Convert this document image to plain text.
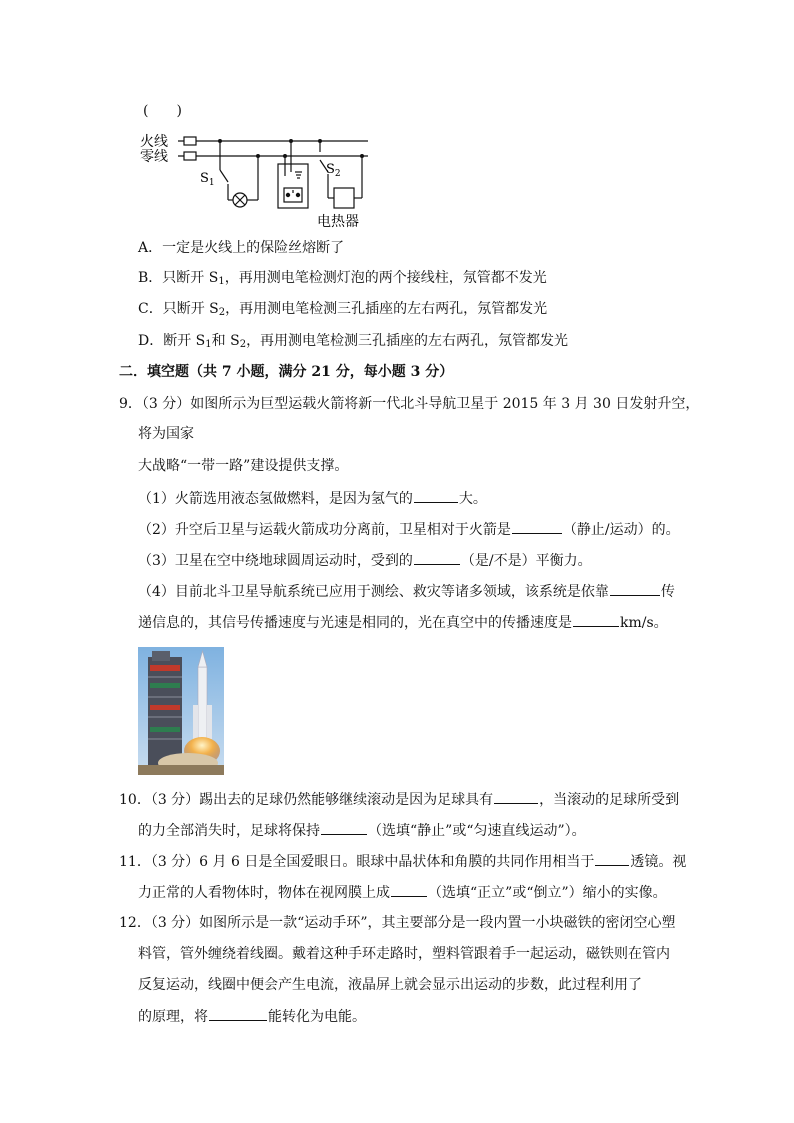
(　　)
火线
零线
$S_1$
$S_2$
电热器
A．一定是火线上的保险丝熔断了
B．只断开 $S_1$，再用测电笔检测灯泡的两个接线柱，氖管都不发光
C．只断开 $S_2$，再用测电笔检测三孔插座的左右两孔，氖管都发光
D．断开 $S_1$和 $S_2$，再用测电笔检测三孔插座的左右两孔，氖管都发光
二．填空题（共 7 小题，满分 21 分，每小题 3 分）
9．（3 分）如图所示为巨型运载火箭将新一代北斗导航卫星于 2015 年 3 月 30 日发射升空，
将为国家
大战略“一带一路”建设提供支撑。
（1）火箭选用液态氢做燃料，是因为氢气的	大。
（2）升空后卫星与运载火箭成功分离前，卫星相对于火箭是	（静止/运动）的。
（3）卫星在空中绕地球圆周运动时，受到的	（是/不是）平衡力。
（4）目前北斗卫星导航系统已应用于测绘、救灾等诸多领域，该系统是依靠	传
递信息的，其信号传播速度与光速是相同的，光在真空中的传播速度是	km/s。
10．（3 分）踢出去的足球仍然能够继续滚动是因为足球具有	，当滚动的足球所受到
的力全部消失时，足球将保持	（选填“静止”或“匀速直线运动”）。
11．（3 分）6 月 6 日是全国爱眼日。眼球中晶状体和角膜的共同作用相当于	透镜。视
力正常的人看物体时，物体在视网膜上成	（选填“正立”或“倒立”）缩小的实像。
12．（3 分）如图所示是一款“运动手环”，其主要部分是一段内置一小块磁铁的密闭空心塑
料管，管外缠绕着线圈。戴着这种手环走路时，塑料管跟着手一起运动，磁铁则在管内
反复运动，线圈中便会产生电流，液晶屏上就会显示出运动的步数，此过程利用了
的原理，将	能转化为电能。
